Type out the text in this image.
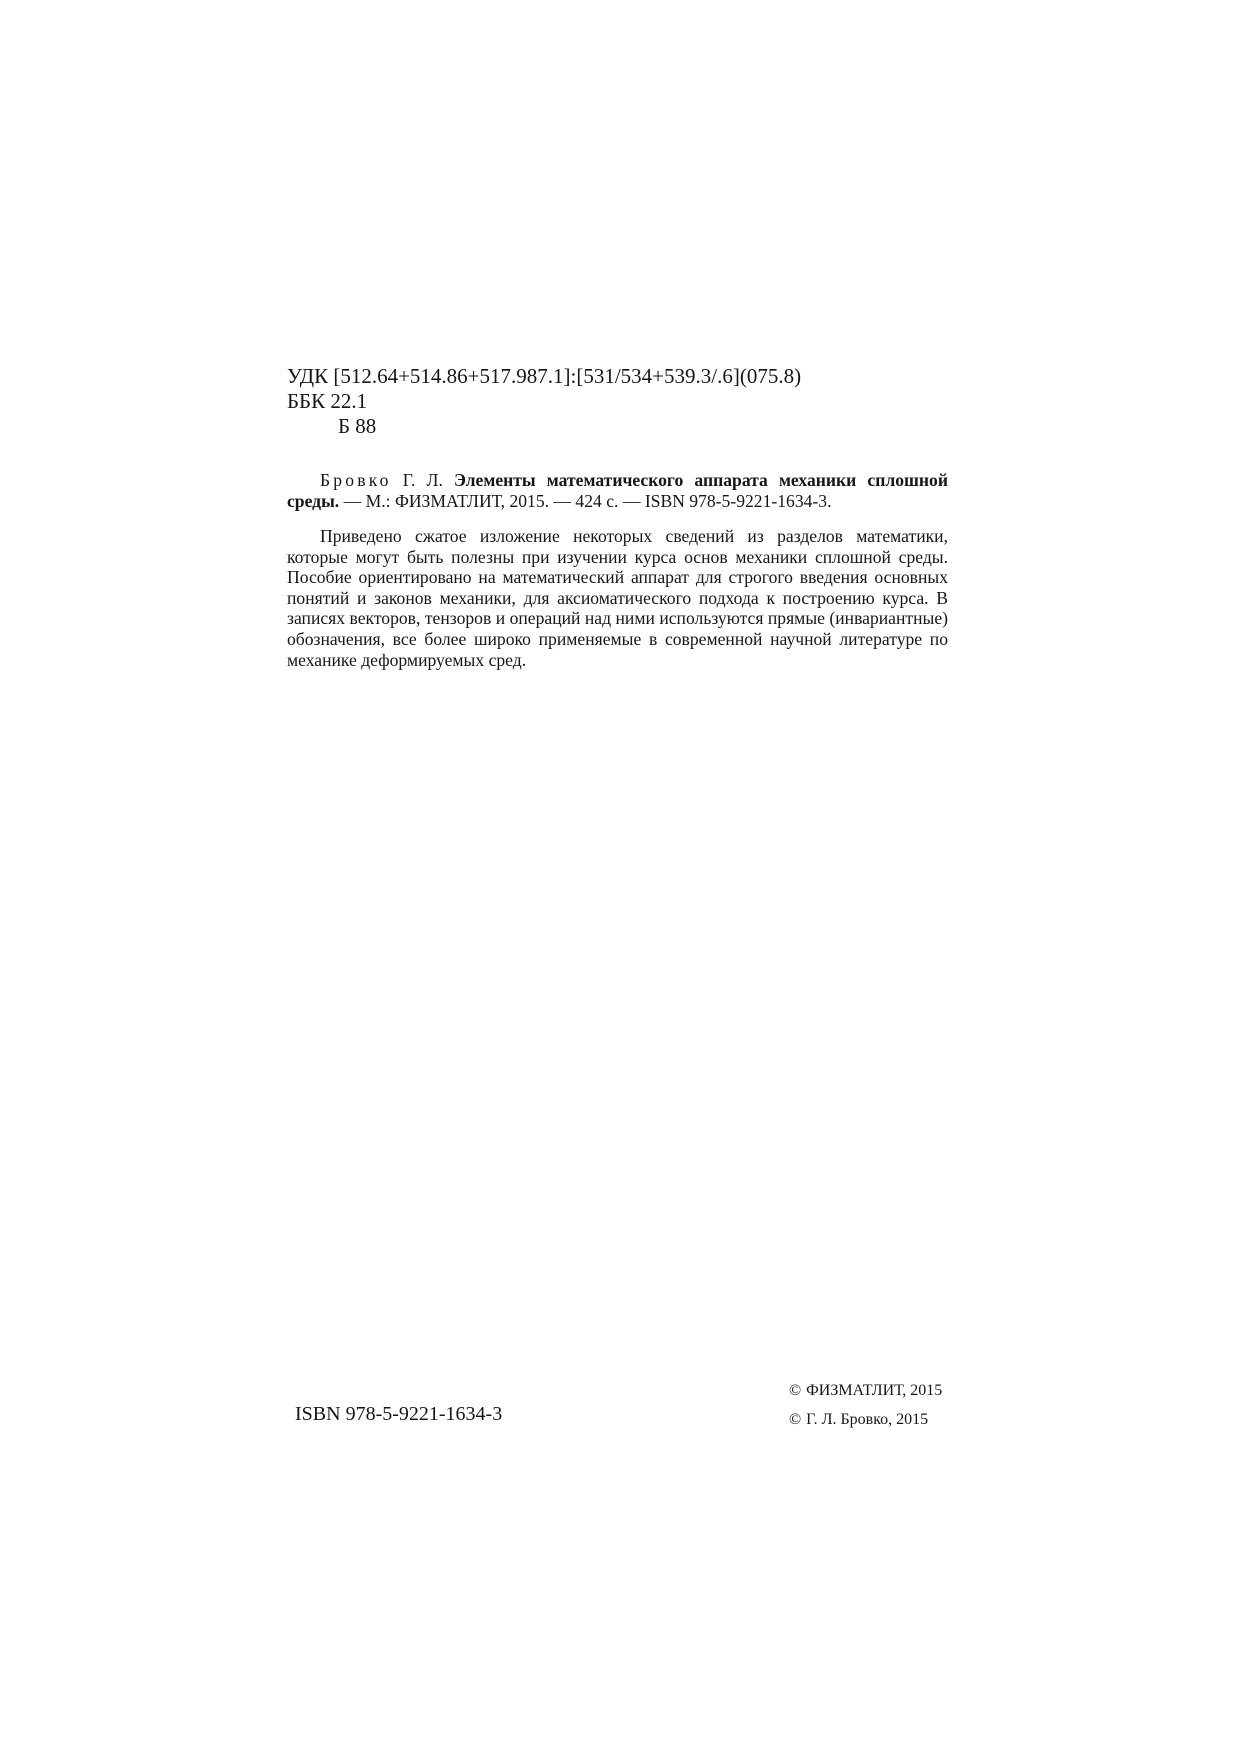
УДК [512.64+514.86+517.987.1]:[531/534+539.3/.6](075.8)
ББК 22.1
Б 88
Бровко Г. Л. Элементы математического аппарата механики сплошной среды. — М.: ФИЗМАТЛИТ, 2015. — 424 с. — ISBN 978-5-9221-1634-3.
Приведено сжатое изложение некоторых сведений из разделов математики, которые могут быть полезны при изучении курса основ механики сплошной среды. Пособие ориентировано на математический аппарат для строгого введения основных понятий и законов механики, для аксиоматического подхода к построению курса. В записях векторов, тензоров и операций над ними используются прямые (инвариантные) обозначения, все более широко применяемые в современной научной литературе по механике деформируемых сред.
ISBN 978-5-9221-1634-3
© ФИЗМАТЛИТ, 2015
© Г. Л. Бровко, 2015
